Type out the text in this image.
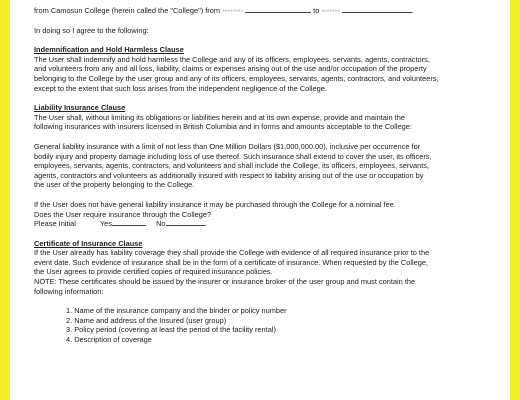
from Camosun College (herein called the "College") from ▪▪▪▪▪▪▪▪	to ▪▪▪▪▪▪▪	.
In doing so I agree to the following:
Indemnification and Hold Harmless Clause
The User shall indemnify and hold harmless the College and any of its officers, employees, servants, agents, contractors,
and volunteers from any and all loss, liability, claims or expenses arising out of the use and/or occupation of the property
belonging to the College by the user group and any of its officers, employees, servants, agents, contractors, and volunteers,
except to the extent that such loss arises from the independent negligence of the College.
Liability Insurance Clause
The User shall, without limiting its obligations or liabilities herein and at its own expense, provide and maintain the
following insurances with insurers licensed in British Columbia and in forms and amounts acceptable to the College:
General liability insurance with a limit of not less than One Million Dollars ($1,000,000.00), inclusive per occurrence for
bodily injury and property damage including loss of use thereof. Such insurance shall extend to cover the user, its officers,
employees, servants, agents, contractors, and volunteers and shall include the College, its officers, employees, servants,
agents, contractors and volunteers as additionally insured with respect to liability arising out of the use or occupation by
the user of the property belonging to the College.
If the User does not have general liability insurance it may be purchased through the College for a nominal fee.
Does the User require insurance through the College?
Please Initial	Yes	No
Certificate of Insurance Clause
If the User already has liability coverage they shall provide the College with evidence of all required insurance prior to the
event date. Such evidence of insurance shall be in the form of a certificate of insurance. When requested by the College,
the User agrees to provide certified copies of required insurance policies.
NOTE: These certificates should be issued by the insurer or insurance broker of the user group and must contain the
following information:
1. Name of the insurance company and the binder or policy number
2. Name and address of the Insured (user group)
3. Policy period (covering at least the period of the facility rental)
4. Description of coverage
